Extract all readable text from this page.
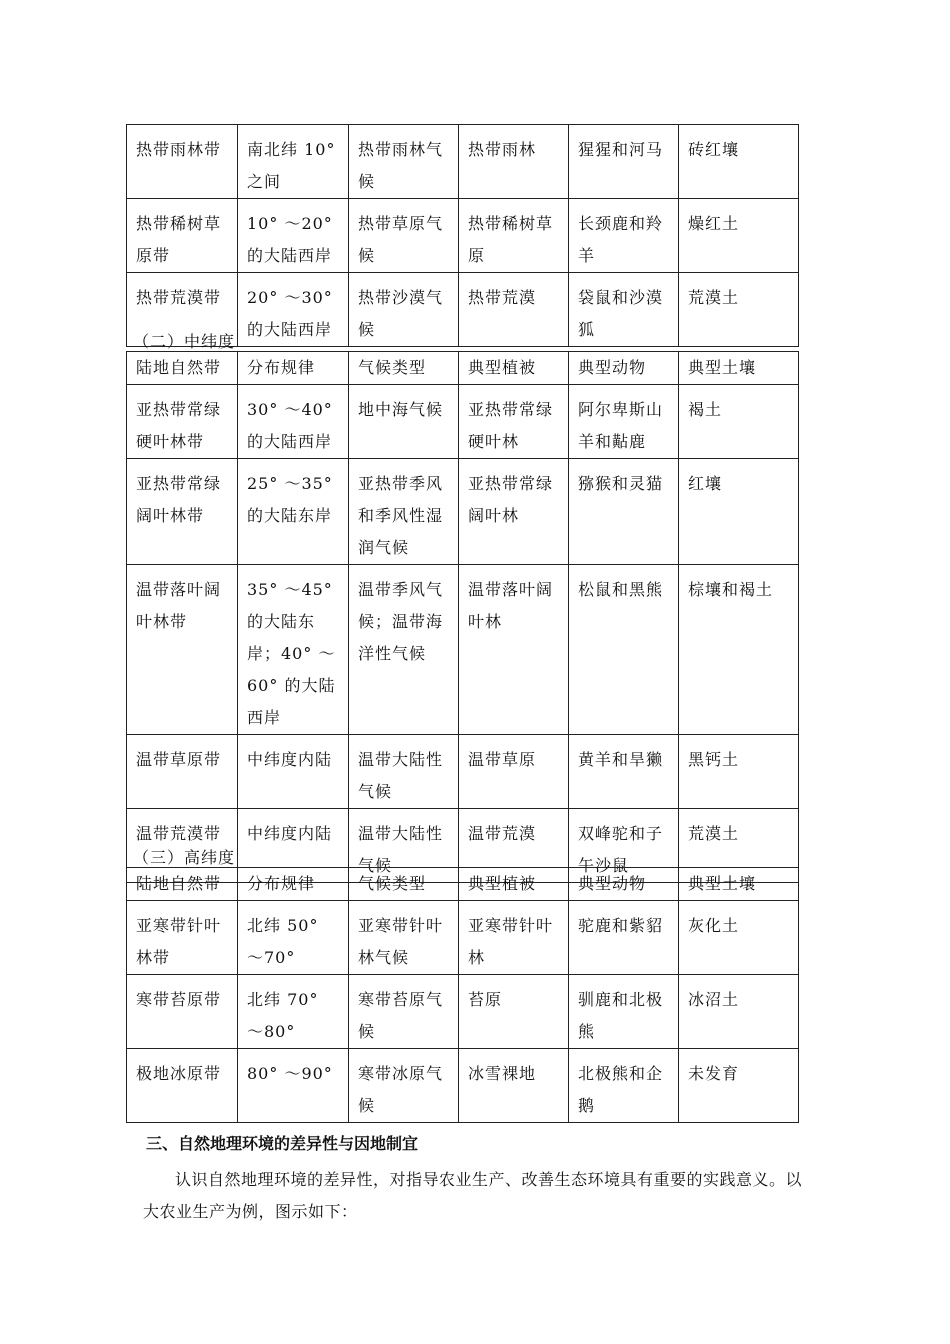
热带雨林带	南北纬 10°之间	热带雨林气候	热带雨林	猩猩和河马	砖红壤
热带稀树草原带	10° ～20°的大陆西岸	热带草原气候	热带稀树草原	长颈鹿和羚羊	燥红土
热带荒漠带	20° ～30°的大陆西岸	热带沙漠气候	热带荒漠	袋鼠和沙漠狐	荒漠土
（二）中纬度
陆地自然带	分布规律	气候类型	典型植被	典型动物	典型土壤
亚热带常绿硬叶林带	30° ～40°的大陆西岸	地中海气候	亚热带常绿硬叶林	阿尔卑斯山羊和黇鹿	褐土
亚热带常绿阔叶林带	25° ～35°的大陆东岸	亚热带季风和季风性湿润气候	亚热带常绿阔叶林	猕猴和灵猫	红壤
温带落叶阔叶林带	35° ～45°的大陆东岸；40° ～60° 的大陆西岸	温带季风气候；温带海洋性气候	温带落叶阔叶林	松鼠和黑熊	棕壤和褐土
温带草原带	中纬度内陆	温带大陆性气候	温带草原	黄羊和旱獭	黑钙土
温带荒漠带	中纬度内陆	温带大陆性气候	温带荒漠	双峰驼和子午沙鼠	荒漠土
（三）高纬度
陆地自然带	分布规律	气候类型	典型植被	典型动物	典型土壤
亚寒带针叶林带	北纬 50° ～70°	亚寒带针叶林气候	亚寒带针叶林	驼鹿和紫貂	灰化土
寒带苔原带	北纬 70° ～80°	寒带苔原气候	苔原	驯鹿和北极熊	冰沼土
极地冰原带	80° ～90°	寒带冰原气候	冰雪裸地	北极熊和企鹅	未发育
三、自然地理环境的差异性与因地制宜
认识自然地理环境的差异性，对指导农业生产、改善生态环境具有重要的实践意义。以大农业生产为例，图示如下：
